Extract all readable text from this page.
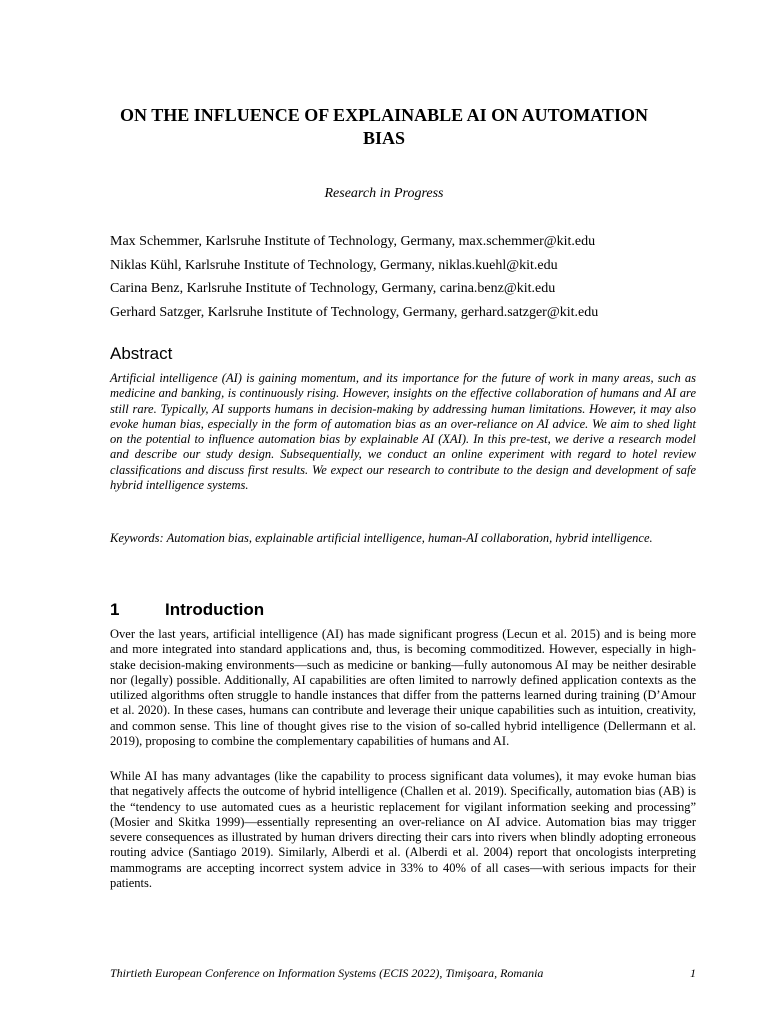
ON THE INFLUENCE OF EXPLAINABLE AI ON AUTOMATION BIAS
Research in Progress
Max Schemmer, Karlsruhe Institute of Technology, Germany, max.schemmer@kit.edu
Niklas Kühl, Karlsruhe Institute of Technology, Germany, niklas.kuehl@kit.edu
Carina Benz, Karlsruhe Institute of Technology, Germany, carina.benz@kit.edu
Gerhard Satzger, Karlsruhe Institute of Technology, Germany, gerhard.satzger@kit.edu
Abstract

Artificial intelligence (AI) is gaining momentum, and its importance for the future of work in many areas, such as medicine and banking, is continuously rising. However, insights on the effective collaboration of humans and AI are still rare. Typically, AI supports humans in decision-making by addressing human limitations. However, it may also evoke human bias, especially in the form of automation bias as an over-reliance on AI advice. We aim to shed light on the potential to influence automation bias by explainable AI (XAI). In this pre-test, we derive a research model and describe our study design. Subsequentially, we conduct an online experiment with regard to hotel review classifications and discuss first results. We expect our research to contribute to the design and development of safe hybrid intelligence systems.

Keywords: Automation bias, explainable artificial intelligence, human-AI collaboration, hybrid intelligence.

1	Introduction

Over the last years, artificial intelligence (AI) has made significant progress (Lecun et al. 2015) and is being more and more integrated into standard applications and, thus, is becoming commoditized. However, especially in high-stake decision-making environments—such as medicine or banking—fully autonomous AI may be neither desirable nor (legally) possible. Additionally, AI capabilities are often limited to narrowly defined application contexts as the utilized algorithms often struggle to handle instances that differ from the patterns learned during training (D’Amour et al. 2020). In these cases, humans can contribute and leverage their unique capabilities such as intuition, creativity, and common sense. This line of thought gives rise to the vision of so-called hybrid intelligence (Dellermann et al. 2019), proposing to combine the complementary capabilities of humans and AI.

While AI has many advantages (like the capability to process significant data volumes), it may evoke human bias that negatively affects the outcome of hybrid intelligence (Challen et al. 2019). Specifically, automation bias (AB) is the “tendency to use automated cues as a heuristic replacement for vigilant information seeking and processing” (Mosier and Skitka 1999)—essentially representing an over-reliance on AI advice. Automation bias may trigger severe consequences as illustrated by human drivers directing their cars into rivers when blindly adopting erroneous routing advice (Santiago 2019). Similarly, Alberdi et al. (Alberdi et al. 2004) report that oncologists interpreting mammograms are accepting incorrect system advice in 33% to 40% of all cases—with serious impacts for their patients.

Thirtieth European Conference on Information Systems (ECIS 2022), Timişoara, Romania	1
